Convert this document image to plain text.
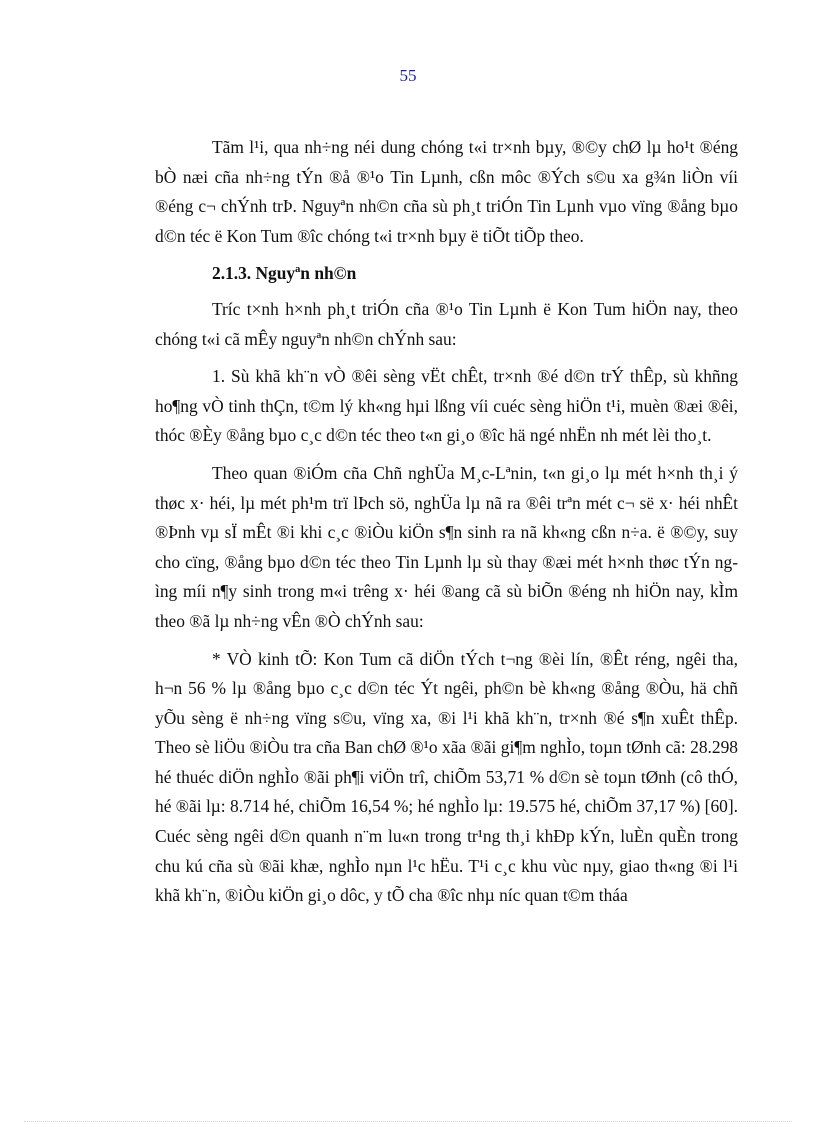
55

Tãm l¹i, qua nh÷ng néi dung chóng t«i tr×nh bµy, ®©y chØ lµ ho¹t ®éng bÒ næi cña nh÷ng tÝn ®å ®¹o Tin Lµnh, cßn môc ®Ých s©u xa g¾n liÒn víi ®éng c¬ chÝnh trÞ. Nguyªn nh©n cña sù ph¸t triÓn Tin Lµnh vµo vïng ®ång bµo d©n téc ë Kon Tum ®îc chóng t«i tr×nh bµy ë tiÕt tiÕp theo.

2.1.3. Nguyªn nh©n

Tríc t×nh h×nh ph¸t triÓn cña ®¹o Tin Lµnh ë Kon Tum hiÖn nay, theo chóng t«i cã mÊy nguyªn nh©n chÝnh sau:

1. Sù khã kh¨n vÒ ®êi sèng vËt chÊt, tr×nh ®é d©n trÝ thÊp, sù khñng ho¶ng vÒ tinh thÇn, t©m lý kh«ng hµi lßng víi cuéc sèng hiÖn t¹i, muèn ®æi ®êi, thóc ®Èy ®ång bµo c¸c d©n téc theo t«n gi¸o ®îc hä ngé nhËn nh mét lèi tho¸t.

Theo quan ®iÓm cña Chñ nghÜa M¸c-Lªnin, t«n gi¸o lµ mét h×nh th¸i ý thøc x· héi, lµ mét ph¹m trï lÞch sö, nghÜa lµ nã ra ®êi trªn mét c¬ së x· héi nhÊt ®Þnh vµ sÏ mÊt ®i khi c¸c ®iÒu kiÖn s¶n sinh ra nã kh«ng cßn n÷a. ë ®©y, suy cho cïng, ®ång bµo d©n téc theo Tin Lµnh lµ sù thay ®æi mét h×nh thøc tÝn ngìng míi n¶y sinh trong m«i trêng x· héi ®ang cã sù biÕn ®éng nh hiÖn nay, kÌm theo ®ã lµ nh÷ng vÊn ®Ò chÝnh sau:

* VÒ kinh tÕ: Kon Tum cã diÖn tÝch t¬ng ®èi lín, ®Êt réng, ngêi tha, h¬n 56 % lµ ®ång bµo c¸c d©n téc Ýt ngêi, ph©n bè kh«ng ®ång ®Òu, hä chñ yÕu sèng ë nh÷ng vïng s©u, vïng xa, ®i l¹i khã kh¨n, tr×nh ®é s¶n xuÊt thÊp. Theo sè liÖu ®iÒu tra cña Ban chØ ®¹o xãa ®ãi gi¶m nghÌo, toµn tØnh cã: 28.298 hé thuéc diÖn nghÌo ®ãi ph¶i viÖn trî, chiÕm 53,71 % d©n sè toµn tØnh (cô thÓ, hé ®ãi lµ: 8.714 hé, chiÕm 16,54 %; hé nghÌo lµ: 19.575 hé, chiÕm 37,17 %) [60]. Cuéc sèng ngêi d©n quanh n¨m lu«n trong tr¹ng th¸i khÐp kÝn, luÈn quÈn trong chu kú cña sù ®ãi khæ, nghÌo nµn l¹c hËu. T¹i c¸c khu vùc nµy, giao th«ng ®i l¹i khã kh¨n, ®iÒu kiÖn gi¸o dôc, y tÕ cha ®îc nhµ níc quan t©m tháa
